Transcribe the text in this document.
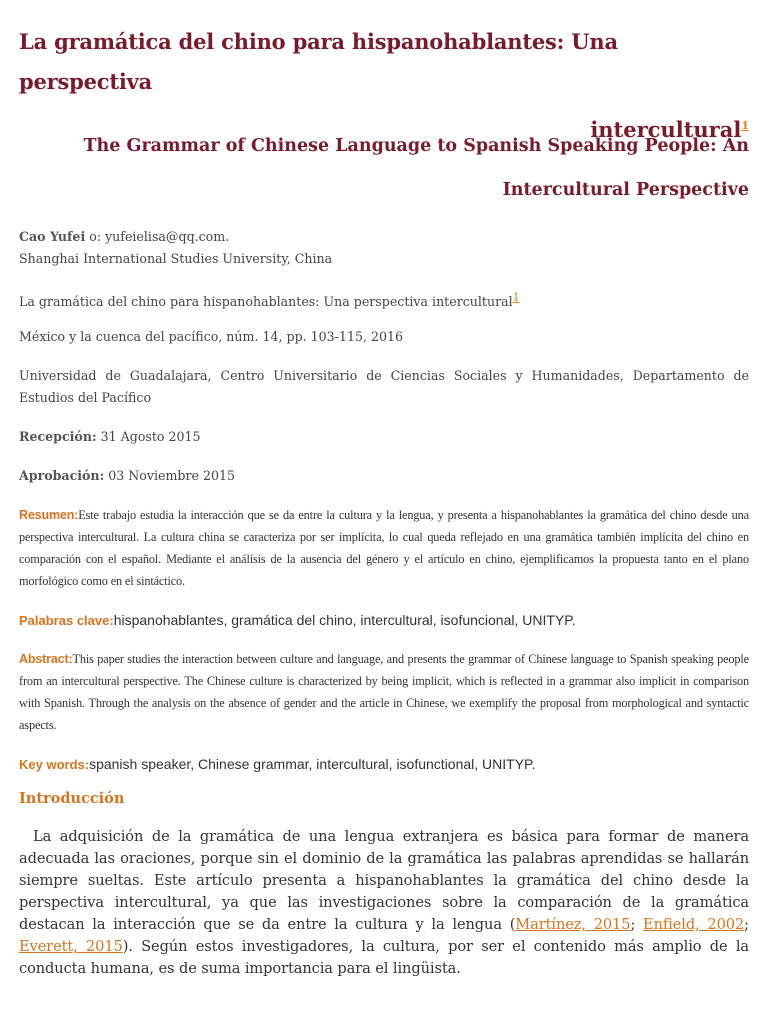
La gramática del chino para hispanohablantes: Una perspectiva
intercultural$^1$
The Grammar of Chinese Language to Spanish Speaking People: An
Intercultural Perspective
Cao Yufei o: yufeielisa@qq.com.
Shanghai International Studies University, China
La gramática del chino para hispanohablantes: Una perspectiva intercultural1
México y la cuenca del pacífico, núm. 14, pp. 103-115, 2016
Universidad de Guadalajara, Centro Universitario de Ciencias Sociales y Humanidades, Departamento de Estudios del Pacífico
Recepción: 31 Agosto 2015
Aprobación: 03 Noviembre 2015
Resumen:Este trabajo estudia la interacción que se da entre la cultura y la lengua, y presenta a hispanohablantes la gramática del chino desde una perspectiva intercultural. La cultura china se caracteriza por ser implícita, lo cual queda reflejado en una gramática también implícita del chino en comparación con el español. Mediante el análisis de la ausencia del género y el artículo en chino, ejemplificamos la propuesta tanto en el plano morfológico como en el sintáctico.
Palabras clave:hispanohablantes, gramática del chino, intercultural, isofuncional, UNITYP.
Abstract:This paper studies the interaction between culture and language, and presents the grammar of Chinese language to Spanish speaking people from an intercultural perspective. The Chinese culture is characterized by being implicit, which is reflected in a grammar also implicit in comparison with Spanish. Through the analysis on the absence of gender and the article in Chinese, we exemplify the proposal from morphological and syntactic aspects.
Key words:spanish speaker, Chinese grammar, intercultural, isofunctional, UNITYP.
Introducción

La adquisición de la gramática de una lengua extranjera es básica para formar de manera adecuada las oraciones, porque sin el dominio de la gramática las palabras aprendidas se hallarán siempre sueltas. Este artículo presenta a hispanohablantes la gramática del chino desde la perspectiva intercultural, ya que las investigaciones sobre la comparación de la gramática destacan la interacción que se da entre la cultura y la lengua (Martínez, 2015; Enfield, 2002; Everett, 2015). Según estos investigadores, la cultura, por ser el contenido más amplio de la conducta humana, es de suma importancia para el lingüista.
